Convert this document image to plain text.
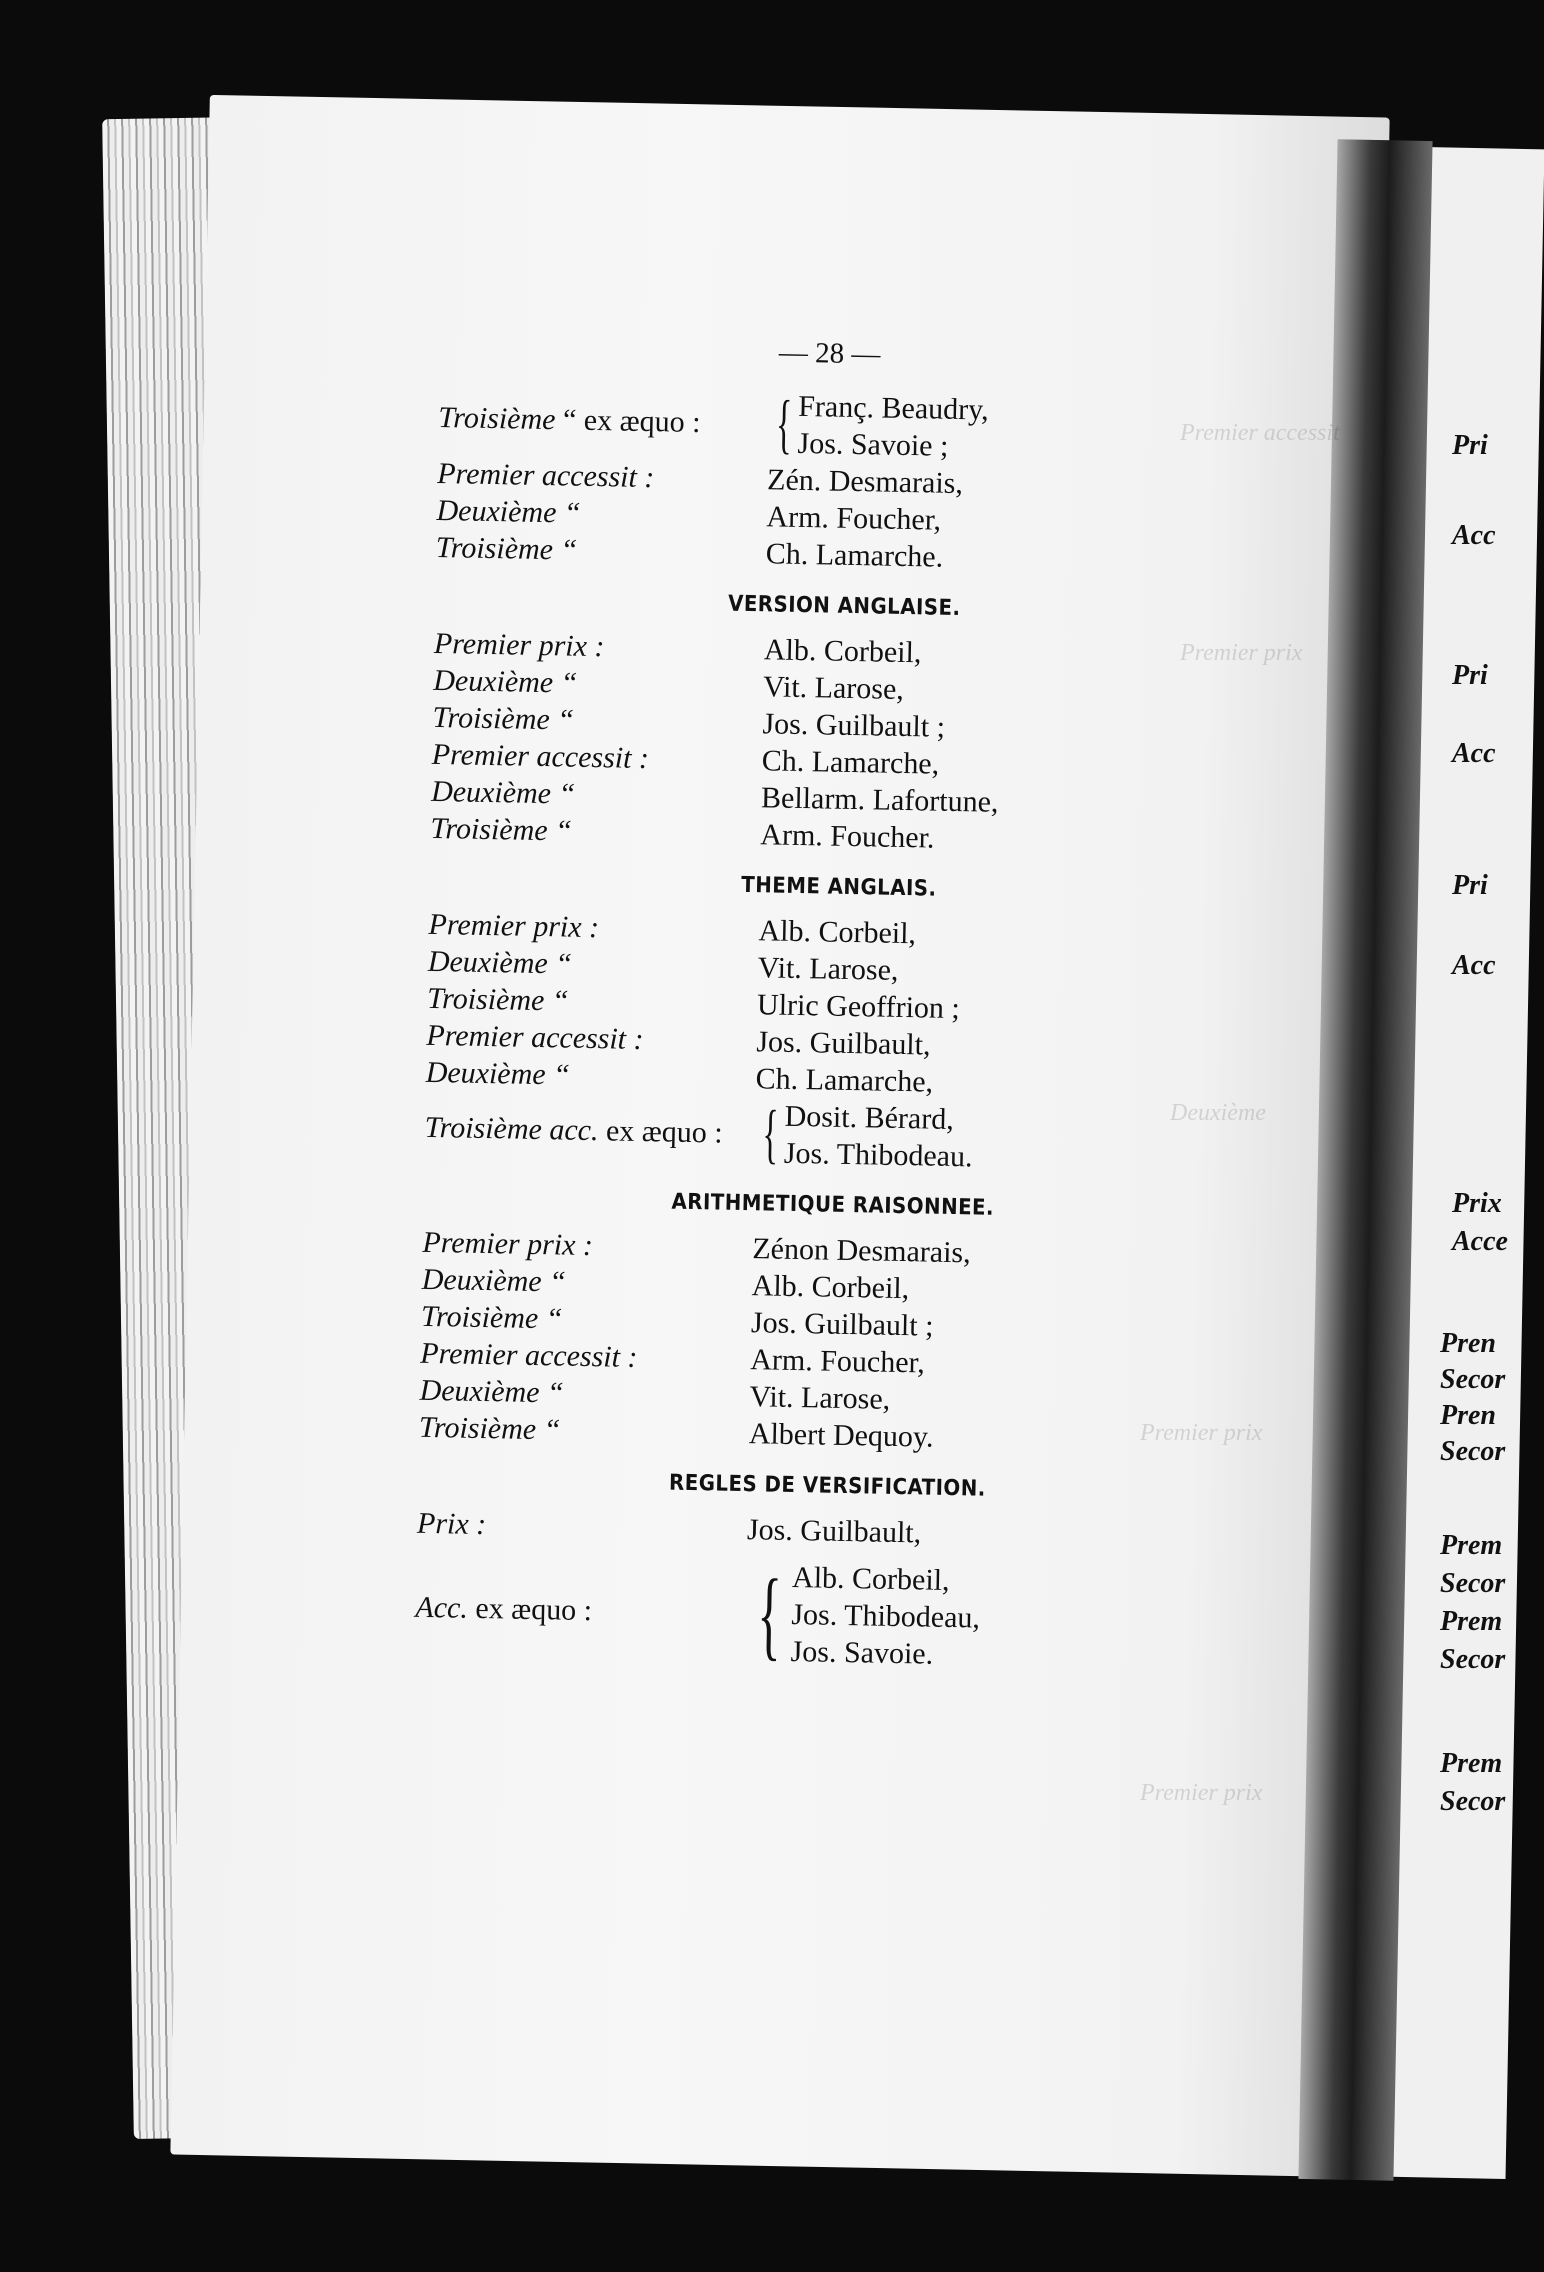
Premier accessit
Premier prix
Deuxième
Premier prix
Premier prix
Pri
Acc
Pri
Acc
Pri
Acc
Prix
Acce
Pren
Secor
Pren
Secor
Prem
Secor
Prem
Secor
Prem
Secor
— 28 —
Troisième “ ex æquo :	{ Franç. Beaudry,
Jos. Savoie ;
Premier accessit :	Zén. Desmarais,
Deuxième “	Arm. Foucher,
Troisième “	Ch. Lamarche.
VERSION ANGLAISE.
Premier prix :	Alb. Corbeil,
Deuxième “	Vit. Larose,
Troisième “	Jos. Guilbault ;
Premier accessit :	Ch. Lamarche,
Deuxième “	Bellarm. Lafortune,
Troisième “	Arm. Foucher.
THEME ANGLAIS.
Premier prix :	Alb. Corbeil,
Deuxième “	Vit. Larose,
Troisième “	Ulric Geoffrion ;
Premier accessit :	Jos. Guilbault,
Deuxième “	Ch. Lamarche,
Troisième acc. ex æquo : { Dosit. Bérard,
Jos. Thibodeau.
ARITHMETIQUE RAISONNEE.
Premier prix :	Zénon Desmarais,
Deuxième “	Alb. Corbeil,
Troisième “	Jos. Guilbault ;
Premier accessit :	Arm. Foucher,
Deuxième “	Vit. Larose,
Troisième “	Albert Dequoy.
REGLES DE VERSIFICATION.
Prix :	Jos. Guilbault,
Acc. ex æquo :	{ Alb. Corbeil,
Jos. Thibodeau,
Jos. Savoie.
